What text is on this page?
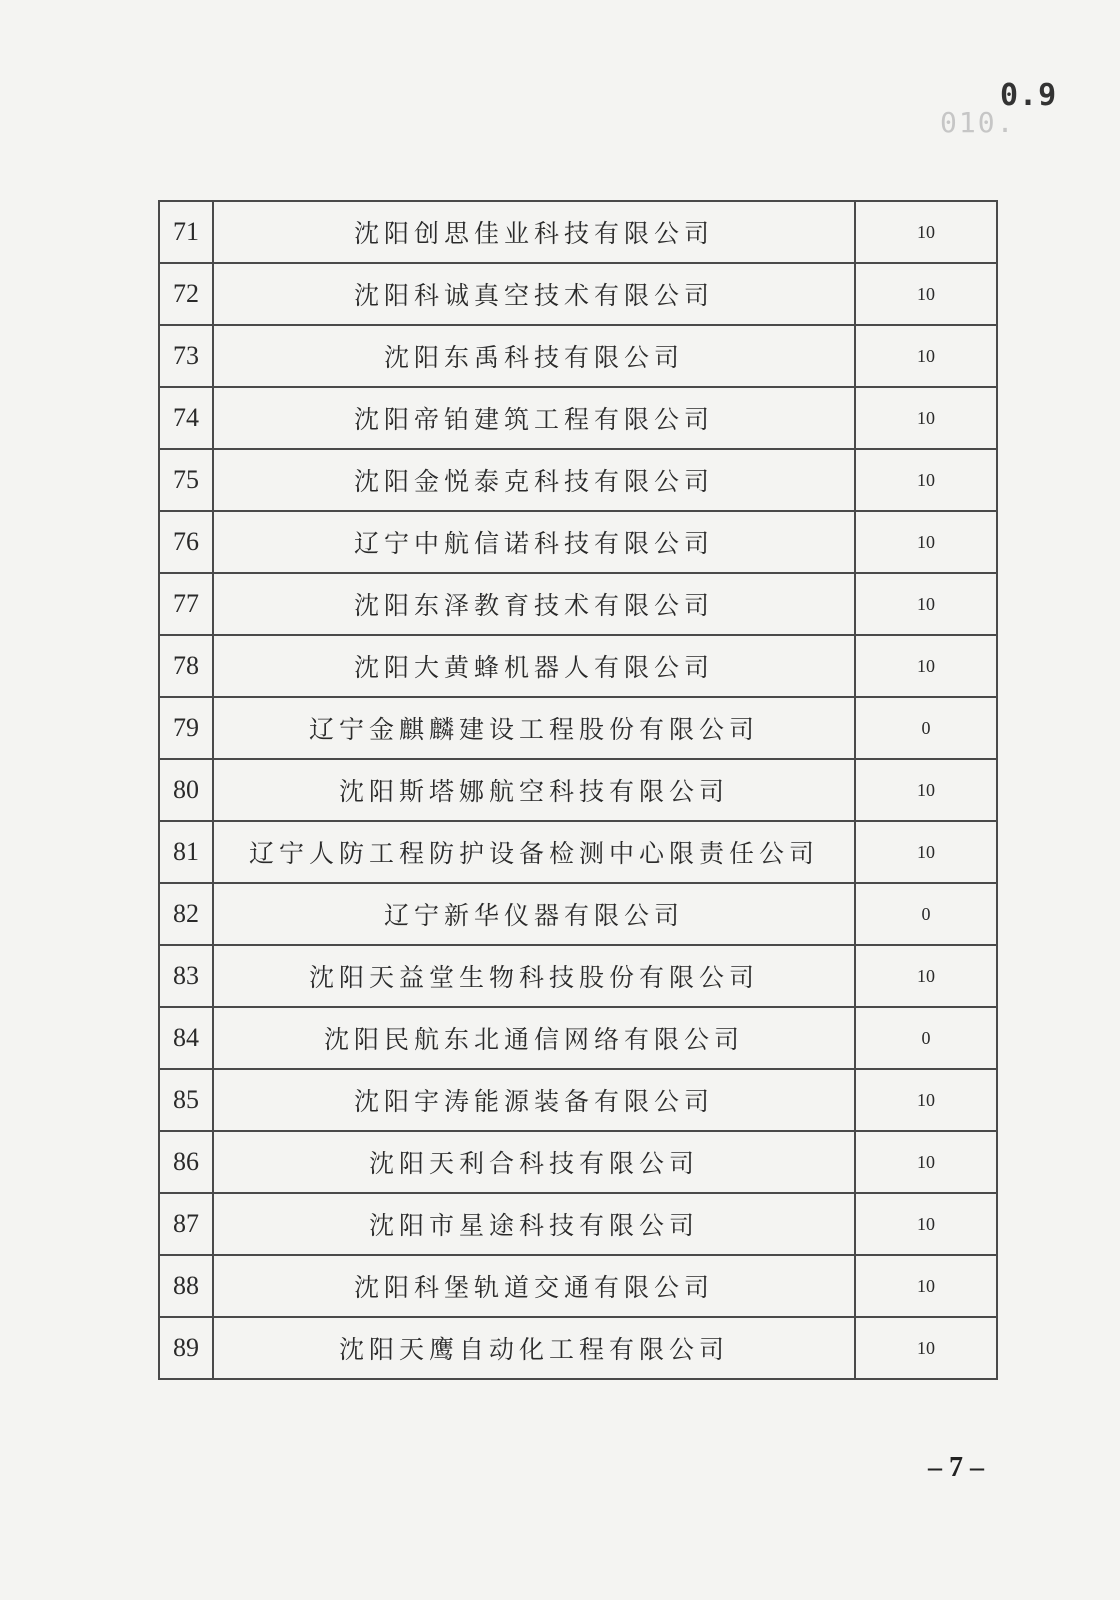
0.9
010.
71	沈阳创思佳业科技有限公司	10
72	沈阳科诚真空技术有限公司	10
73	沈阳东禹科技有限公司	10
74	沈阳帝铂建筑工程有限公司	10
75	沈阳金悦泰克科技有限公司	10
76	辽宁中航信诺科技有限公司	10
77	沈阳东泽教育技术有限公司	10
78	沈阳大黄蜂机器人有限公司	10
79	辽宁金麒麟建设工程股份有限公司	0
80	沈阳斯塔娜航空科技有限公司	10
81	辽宁人防工程防护设备检测中心限责任公司	10
82	辽宁新华仪器有限公司	0
83	沈阳天益堂生物科技股份有限公司	10
84	沈阳民航东北通信网络有限公司	0
85	沈阳宇涛能源装备有限公司	10
86	沈阳天利合科技有限公司	10
87	沈阳市星途科技有限公司	10
88	沈阳科堡轨道交通有限公司	10
89	沈阳天鹰自动化工程有限公司	10
– 7 –
